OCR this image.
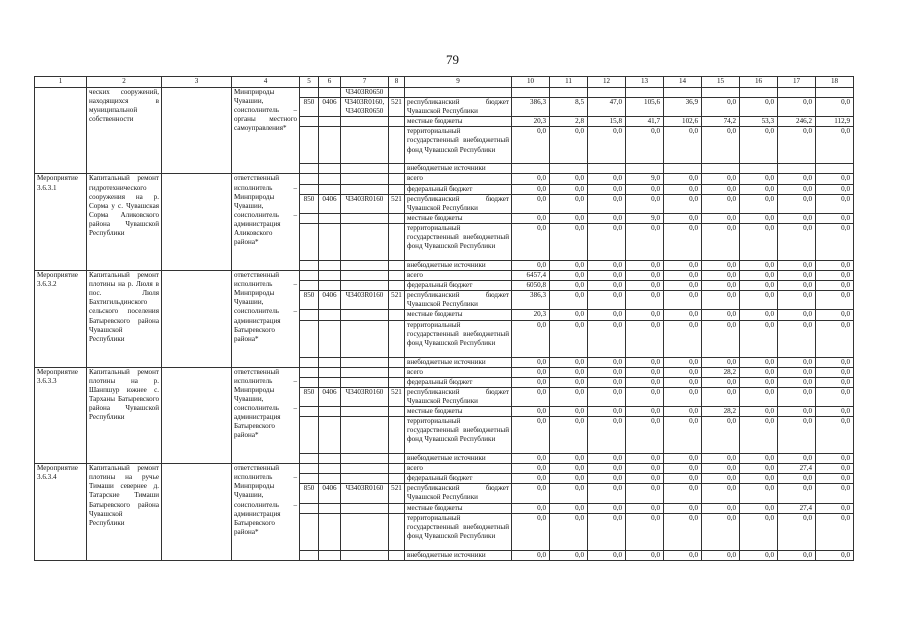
79
1	2	3	4	5	6	7	8	9	10	11	12	13	14	15	16	17	18
	ческих сооружений, находящихся в муниципальной собственности		Минприроды Чувашии, соисполнитель – органы местного самоуправления*			Ч3403R0650											
				850	0406	Ч3403R0160, Ч3403R0650	521	республиканский бюджет Чувашской Республики	386,3	8,5	47,0	105,6	36,9	0,0	0,0	0,0	0,0
								местные бюджеты	20,3	2,8	15,8	41,7	102,6	74,2	53,3	246,2	112,9
								территориальный государственный внебюджетный фонд Чувашской Республики	0,0	0,0	0,0	0,0	0,0	0,0	0,0	0,0	0,0
								внебюджетные источники									
Мероприятие 3.6.3.1	Капитальный ремонт гидротехнического сооружения на р. Сорма у с. Чувашская Сорма Аликовского района Чувашской Республики		ответственный исполнитель – Минприроды Чувашии, соисполнитель – администрация Аликовского района*					всего	0,0	0,0	0,0	9,0	0,0	0,0	0,0	0,0	0,0
								федеральный бюджет	0,0	0,0	0,0	0,0	0,0	0,0	0,0	0,0	0,0
				850	0406	Ч3403R0160	521	республиканский бюджет Чувашской Республики	0,0	0,0	0,0	0,0	0,0	0,0	0,0	0,0	0,0
								местные бюджеты	0,0	0,0	0,0	9,0	0,0	0,0	0,0	0,0	0,0
								территориальный государственный внебюджетный фонд Чувашской Республики	0,0	0,0	0,0	0,0	0,0	0,0	0,0	0,0	0,0
								внебюджетные источники	0,0	0,0	0,0	0,0	0,0	0,0	0,0	0,0	0,0
Мероприятие 3.6.3.2	Капитальный ремонт плотины на р. Люля в пос. Люля Бахтигильдинского сельского поселения Батыревского района Чувашской Республики		ответственный исполнитель – Минприроды Чувашии, соисполнитель – администрация Батыревского района*					всего	6457,4	0,0	0,0	0,0	0,0	0,0	0,0	0,0	0,0
								федеральный бюджет	6050,8	0,0	0,0	0,0	0,0	0,0	0,0	0,0	0,0
				850	0406	Ч3403R0160	521	республиканский бюджет Чувашской Республики	386,3	0,0	0,0	0,0	0,0	0,0	0,0	0,0	0,0
								местные бюджеты	20,3	0,0	0,0	0,0	0,0	0,0	0,0	0,0	0,0
								территориальный государственный внебюджетный фонд Чувашской Республики	0,0	0,0	0,0	0,0	0,0	0,0	0,0	0,0	0,0
								внебюджетные источники	0,0	0,0	0,0	0,0	0,0	0,0	0,0	0,0	0,0
Мероприятие 3.6.3.3	Капитальный ремонт плотины на р. Шанпшур южнее с. Тарханы Батыревского района Чувашской Республики		ответственный исполнитель – Минприроды Чувашии, соисполнитель – администрация Батыревского района*					всего	0,0	0,0	0,0	0,0	0,0	28,2	0,0	0,0	0,0
								федеральный бюджет	0,0	0,0	0,0	0,0	0,0	0,0	0,0	0,0	0,0
				850	0406	Ч3403R0160	521	республиканский бюджет Чувашской Республики	0,0	0,0	0,0	0,0	0,0	0,0	0,0	0,0	0,0
								местные бюджеты	0,0	0,0	0,0	0,0	0,0	28,2	0,0	0,0	0,0
								территориальный государственный внебюджетный фонд Чувашской Республики	0,0	0,0	0,0	0,0	0,0	0,0	0,0	0,0	0,0
								внебюджетные источники	0,0	0,0	0,0	0,0	0,0	0,0	0,0	0,0	0,0
Мероприятие 3.6.3.4	Капитальный ремонт плотины на ручье Тимаши севернее д. Татарские Тимаши Батыревского района Чувашской Республики		ответственный исполнитель – Минприроды Чувашии, соисполнитель – администрация Батыревского района*					всего	0,0	0,0	0,0	0,0	0,0	0,0	0,0	27,4	0,0
								федеральный бюджет	0,0	0,0	0,0	0,0	0,0	0,0	0,0	0,0	0,0
				850	0406	Ч3403R0160	521	республиканский бюджет Чувашской Республики	0,0	0,0	0,0	0,0	0,0	0,0	0,0	0,0	0,0
								местные бюджеты	0,0	0,0	0,0	0,0	0,0	0,0	0,0	27,4	0,0
								территориальный государственный внебюджетный фонд Чувашской Республики	0,0	0,0	0,0	0,0	0,0	0,0	0,0	0,0	0,0
								внебюджетные источники	0,0	0,0	0,0	0,0	0,0	0,0	0,0	0,0	0,0
